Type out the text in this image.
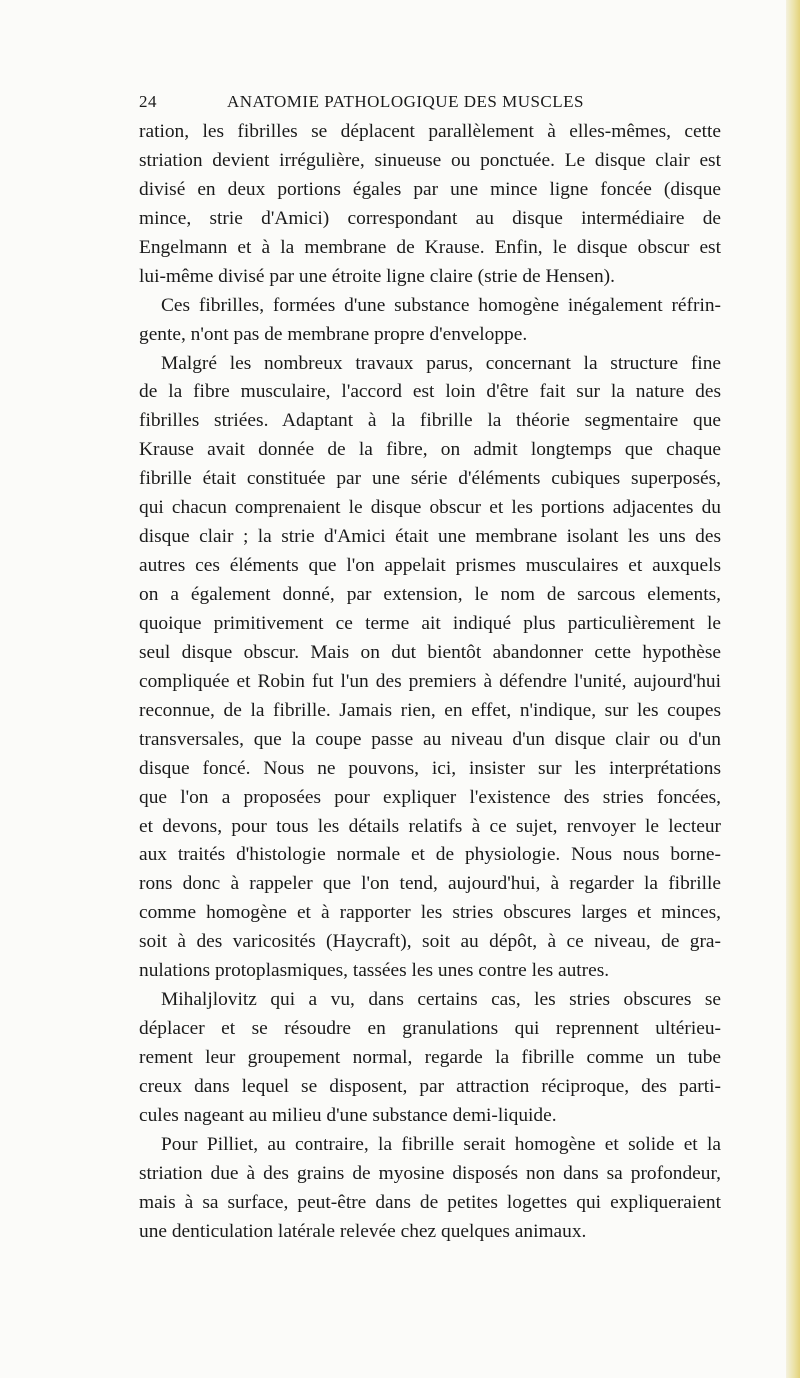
24	ANATOMIE PATHOLOGIQUE DES MUSCLES
ration, les fibrilles se déplacent parallèlement à elles-mêmes, cette
striation devient irrégulière, sinueuse ou ponctuée. Le disque clair est
divisé en deux portions égales par une mince ligne foncée (disque
mince, strie d'Amici) correspondant au disque intermédiaire de
Engelmann et à la membrane de Krause. Enfin, le disque obscur est
lui-même divisé par une étroite ligne claire (strie de Hensen).
Ces fibrilles, formées d'une substance homogène inégalement réfrin-
gente, n'ont pas de membrane propre d'enveloppe.
Malgré les nombreux travaux parus, concernant la structure fine
de la fibre musculaire, l'accord est loin d'être fait sur la nature des
fibrilles striées. Adaptant à la fibrille la théorie segmentaire que
Krause avait donnée de la fibre, on admit longtemps que chaque
fibrille était constituée par une série d'éléments cubiques superposés,
qui chacun comprenaient le disque obscur et les portions adjacentes du
disque clair ; la strie d'Amici était une membrane isolant les uns des
autres ces éléments que l'on appelait prismes musculaires et auxquels
on a également donné, par extension, le nom de sarcous elements,
quoique primitivement ce terme ait indiqué plus particulièrement le
seul disque obscur. Mais on dut bientôt abandonner cette hypothèse
compliquée et Robin fut l'un des premiers à défendre l'unité, aujourd'hui
reconnue, de la fibrille. Jamais rien, en effet, n'indique, sur les coupes
transversales, que la coupe passe au niveau d'un disque clair ou d'un
disque foncé. Nous ne pouvons, ici, insister sur les interprétations
que l'on a proposées pour expliquer l'existence des stries foncées,
et devons, pour tous les détails relatifs à ce sujet, renvoyer le lecteur
aux traités d'histologie normale et de physiologie. Nous nous borne-
rons donc à rappeler que l'on tend, aujourd'hui, à regarder la fibrille
comme homogène et à rapporter les stries obscures larges et minces,
soit à des varicosités (Haycraft), soit au dépôt, à ce niveau, de gra-
nulations protoplasmiques, tassées les unes contre les autres.
Mihaljlovitz qui a vu, dans certains cas, les stries obscures se
déplacer et se résoudre en granulations qui reprennent ultérieu-
rement leur groupement normal, regarde la fibrille comme un tube
creux dans lequel se disposent, par attraction réciproque, des parti-
cules nageant au milieu d'une substance demi-liquide.
Pour Pilliet, au contraire, la fibrille serait homogène et solide et la
striation due à des grains de myosine disposés non dans sa profondeur,
mais à sa surface, peut-être dans de petites logettes qui expliqueraient
une denticulation latérale relevée chez quelques animaux.
